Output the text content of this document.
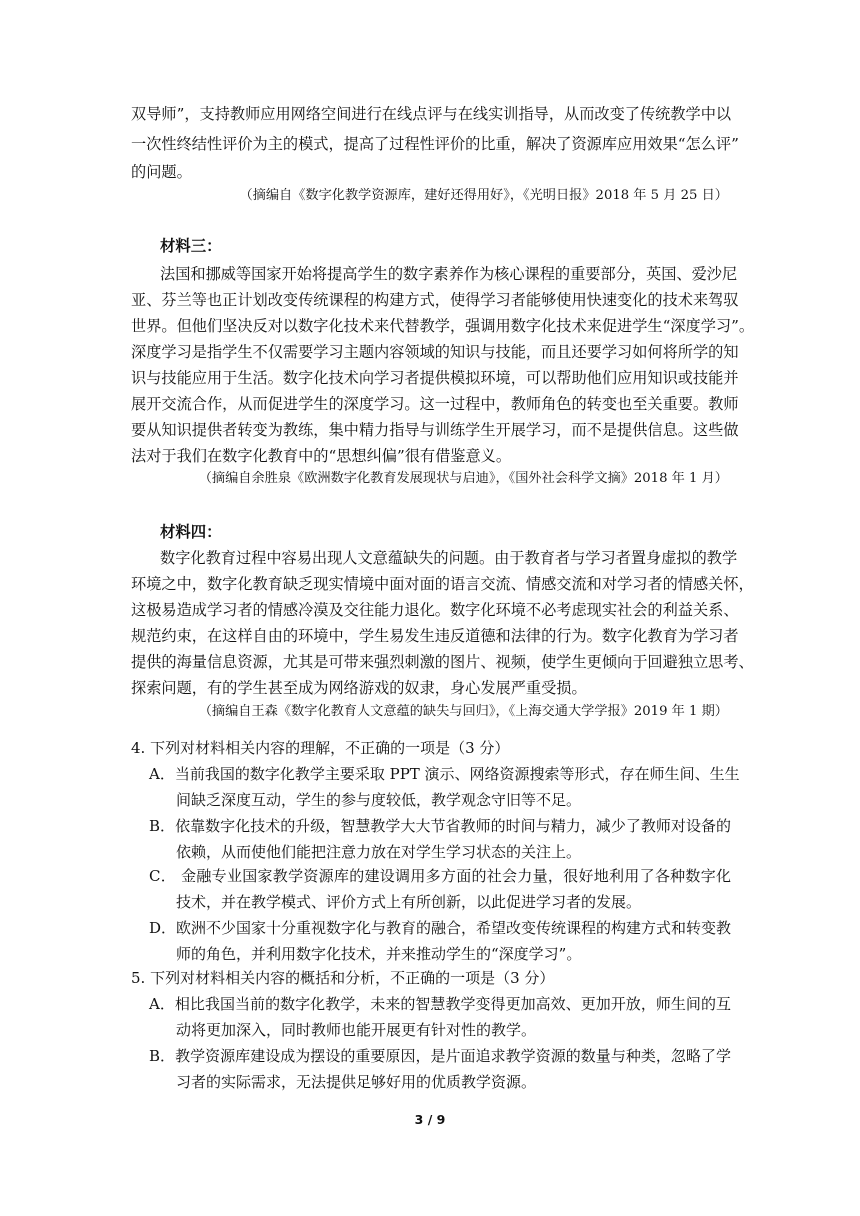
双导师”，支持教师应用网络空间进行在线点评与在线实训指导，从而改变了传统教学中以
一次性终结性评价为主的模式，提高了过程性评价的比重，解决了资源库应用效果“怎么评”
的问题。
（摘编自《数字化教学资源库，建好还得用好》，《光明日报》2018 年 5 月 25 日）
材料三：
法国和挪威等国家开始将提高学生的数字素养作为核心课程的重要部分，英国、爱沙尼
亚、芬兰等也正计划改变传统课程的构建方式，使得学习者能够使用快速变化的技术来驾驭
世界。但他们坚决反对以数字化技术来代替教学，强调用数字化技术来促进学生“深度学习”。
深度学习是指学生不仅需要学习主题内容领域的知识与技能，而且还要学习如何将所学的知
识与技能应用于生活。数字化技术向学习者提供模拟环境，可以帮助他们应用知识或技能并
展开交流合作，从而促进学生的深度学习。这一过程中，教师角色的转变也至关重要。教师
要从知识提供者转变为教练，集中精力指导与训练学生开展学习，而不是提供信息。这些做
法对于我们在数字化教育中的“思想纠偏”很有借鉴意义。
（摘编自余胜泉《欧洲数字化教育发展现状与启迪》，《国外社会科学文摘》2018 年 1 月）
材料四：
数字化教育过程中容易出现人文意蕴缺失的问题。由于教育者与学习者置身虚拟的教学
环境之中，数字化教育缺乏现实情境中面对面的语言交流、情感交流和对学习者的情感关怀，
这极易造成学习者的情感冷漠及交往能力退化。数字化环境不必考虑现实社会的利益关系、
规范约束，在这样自由的环境中，学生易发生违反道德和法律的行为。数字化教育为学习者
提供的海量信息资源，尤其是可带来强烈刺激的图片、视频，使学生更倾向于回避独立思考、
探索问题，有的学生甚至成为网络游戏的奴隶，身心发展严重受损。
（摘编自王森《数字化教育人文意蕴的缺失与回归》，《上海交通大学学报》2019 年 1 期）
4. 下列对材料相关内容的理解，不正确的一项是（3 分）
A．当前我国的数字化教学主要采取 PPT 演示、网络资源搜索等形式，存在师生间、生生
间缺乏深度互动，学生的参与度较低，教学观念守旧等不足。
B．依靠数字化技术的升级，智慧教学大大节省教师的时间与精力，减少了教师对设备的
依赖，从而使他们能把注意力放在对学生学习状态的关注上。
C． 金融专业国家教学资源库的建设调用多方面的社会力量，很好地利用了各种数字化
技术，并在教学模式、评价方式上有所创新，以此促进学习者的发展。
D．欧洲不少国家十分重视数字化与教育的融合，希望改变传统课程的构建方式和转变教
师的角色，并利用数字化技术，并来推动学生的“深度学习”。
5. 下列对材料相关内容的概括和分析，不正确的一项是（3 分）
A．相比我国当前的数字化教学，未来的智慧教学变得更加高效、更加开放，师生间的互
动将更加深入，同时教师也能开展更有针对性的教学。
B．教学资源库建设成为摆设的重要原因，是片面追求教学资源的数量与种类，忽略了学
习者的实际需求，无法提供足够好用的优质教学资源。
3 / 9
